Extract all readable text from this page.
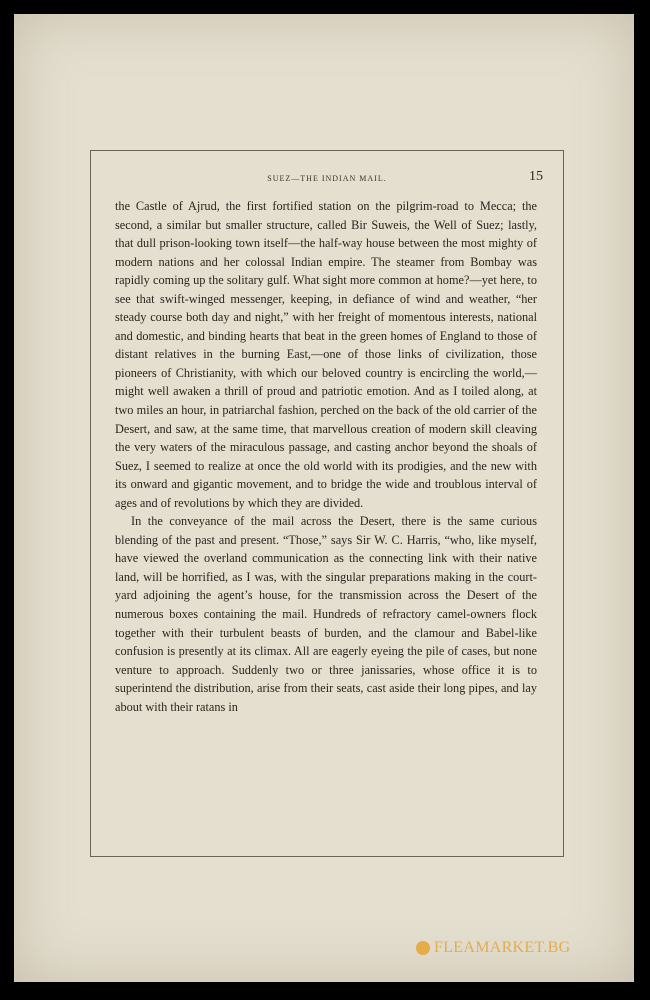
SUEZ—THE INDIAN MAIL.	15

the Castle of Ajrud, the first fortified station on the pilgrim-road to Mecca; the second, a similar but smaller structure, called Bir Suweis, the Well of Suez; lastly, that dull prison-looking town itself—the half-way house between the most mighty of modern nations and her colossal Indian empire. The steamer from Bombay was rapidly coming up the solitary gulf. What sight more common at home?—yet here, to see that swift-winged messenger, keeping, in defiance of wind and weather, “her steady course both day and night,” with her freight of momentous interests, national and domestic, and binding hearts that beat in the green homes of England to those of distant relatives in the burning East,—one of those links of civilization, those pioneers of Christianity, with which our beloved country is encircling the world,—might well awaken a thrill of proud and patriotic emotion. And as I toiled along, at two miles an hour, in patriarchal fashion, perched on the back of the old carrier of the Desert, and saw, at the same time, that marvellous creation of modern skill cleaving the very waters of the miraculous passage, and casting anchor beyond the shoals of Suez, I seemed to realize at once the old world with its prodigies, and the new with its onward and gigantic movement, and to bridge the wide and troublous interval of ages and of revolutions by which they are divided.

In the conveyance of the mail across the Desert, there is the same curious blending of the past and present. “Those,” says Sir W. C. Harris, “who, like myself, have viewed the overland communication as the connecting link with their native land, will be horrified, as I was, with the singular preparations making in the court-yard adjoining the agent’s house, for the transmission across the Desert of the numerous boxes containing the mail. Hundreds of refractory camel-owners flock together with their turbulent beasts of burden, and the clamour and Babel-like confusion is presently at its climax. All are eagerly eyeing the pile of cases, but none venture to approach. Suddenly two or three janissaries, whose office it is to superintend the distribution, arise from their seats, cast aside their long pipes, and lay about with their ratans in

FLEAMARKET.BG
